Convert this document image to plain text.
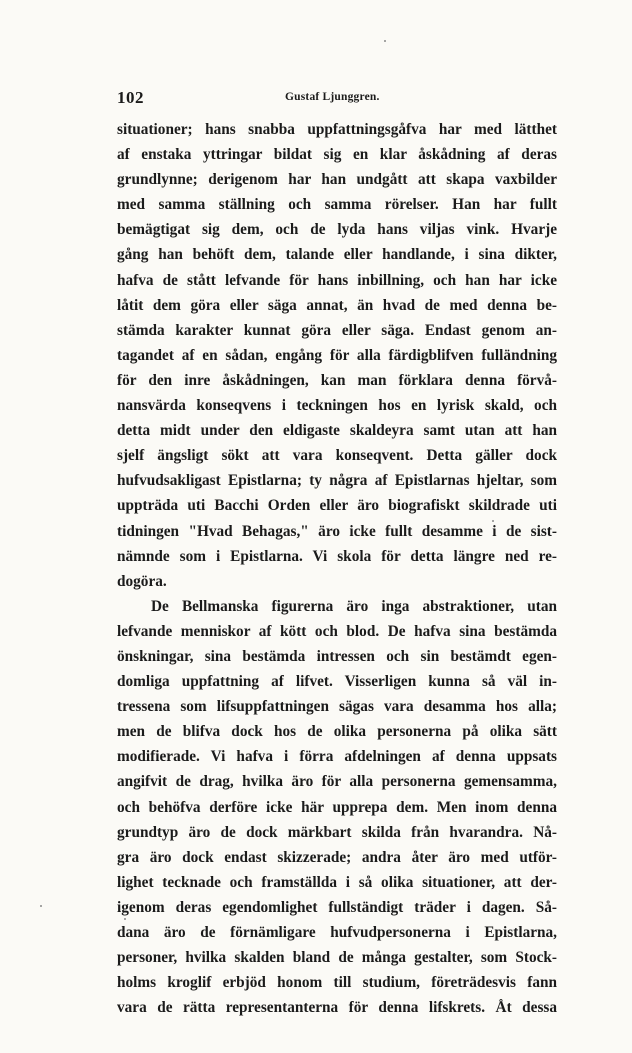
102	Gustaf Ljunggren.
situationer; hans snabba uppfattningsgåfva har med lätthet
af enstaka yttringar bildat sig en klar åskådning af deras
grundlynne; derigenom har han undgått att skapa vaxbilder
med samma ställning och samma rörelser. Han har fullt
bemägtigat sig dem, och de lyda hans viljas vink. Hvarje
gång han behöft dem, talande eller handlande, i sina dikter,
hafva de stått lefvande för hans inbillning, och han har icke
låtit dem göra eller säga annat, än hvad de med denna be-
stämda karakter kunnat göra eller säga. Endast genom an-
tagandet af en sådan, engång för alla färdigblifven fulländning
för den inre åskådningen, kan man förklara denna förvå-
nansvärda konseqvens i teckningen hos en lyrisk skald, och
detta midt under den eldigaste skaldeyra samt utan att han
sjelf ängsligt sökt att vara konseqvent. Detta gäller dock
hufvudsakligast Epistlarna; ty några af Epistlarnas hjeltar, som
uppträda uti Bacchi Orden eller äro biografiskt skildrade uti
tidningen "Hvad Behagas," äro icke fullt desamme i de sist-
nämnde som i Epistlarna. Vi skola för detta längre ned re-
dogöra.
De Bellmanska figurerna äro inga abstraktioner, utan
lefvande menniskor af kött och blod. De hafva sina bestämda
önskningar, sina bestämda intressen och sin bestämdt egen-
domliga uppfattning af lifvet. Visserligen kunna så väl in-
tressena som lifsuppfattningen sägas vara desamma hos alla;
men de blifva dock hos de olika personerna på olika sätt
modifierade. Vi hafva i förra afdelningen af denna uppsats
angifvit de drag, hvilka äro för alla personerna gemensamma,
och behöfva derföre icke här upprepa dem. Men inom denna
grundtyp äro de dock märkbart skilda från hvarandra. Nå-
gra äro dock endast skizzerade; andra åter äro med utför-
lighet tecknade och framställda i så olika situationer, att der-
igenom deras egendomlighet fullständigt träder i dagen. Så-
dana äro de förnämligare hufvudpersonerna i Epistlarna,
personer, hvilka skalden bland de många gestalter, som Stock-
holms kroglif erbjöd honom till studium, företrädesvis fann
vara de rätta representanterna för denna lifskrets. Åt dessa
